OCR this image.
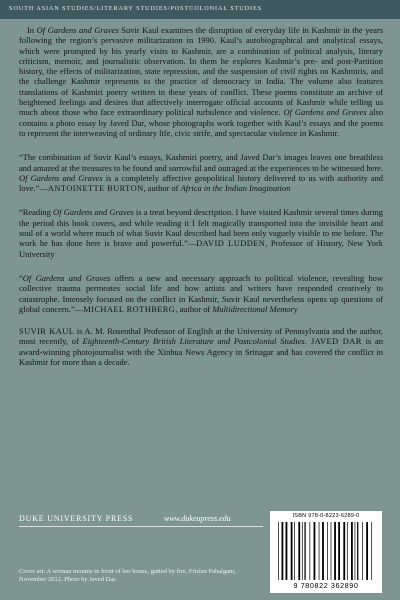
SOUTH ASIAN STUDIES/LITERARY STUDIES/POSTCOLONIAL STUDIES

In Of Gardens and Graves Suvir Kaul examines the disruption of everyday life in Kashmir in the years following the region’s pervasive militarization in 1990. Kaul’s autobiographical and analytical essays, which were prompted by his yearly visits to Kashmir, are a combination of political analysis, literary criticism, memoir, and journalistic observation. In them he explores Kashmir’s pre- and post-Partition history, the effects of militarization, state repression, and the suspension of civil rights on Kashmiris, and the challenge Kashmir represents to the practice of democracy in India. The volume also features translations of Kashmiri poetry written in these years of conflict. These poems constitute an archive of heightened feelings and desires that affectively interrogate official accounts of Kashmir while telling us much about those who face extraordinary political turbulence and violence. Of Gardens and Graves also contains a photo essay by Javed Dar, whose photographs work together with Kaul’s essays and the poems to represent the interweaving of ordinary life, civic strife, and spectacular violence in Kashmir.

“The combination of Suvir Kaul’s essays, Kashmiri poetry, and Javed Dar’s images leaves one breathless and amazed at the treasures to be found and sorrowful and outraged at the experiences to be witnessed here. Of Gardens and Graves is a completely affective geopolitical history delivered to us with authority and love.”—ANTOINETTE BURTON, author of Africa in the Indian Imagination

“Reading Of Gardens and Graves is a treat beyond description. I have visited Kashmir several times during the period this book covers, and while reading it I felt magically transported into the invisible heart and soul of a world where much of what Suvir Kaul described had been only vaguely visible to me before. The work he has done here is brave and powerful.”—DAVID LUDDEN, Professor of History, New York University

“Of Gardens and Graves offers a new and necessary approach to political violence, revealing how collective trauma permeates social life and how artists and writers have responded creatively to catastrophe. Intensely focused on the conflict in Kashmir, Suvir Kaul nevertheless opens up questions of global concern.”—MICHAEL ROTHBERG, author of Multidirectional Memory

SUVIR KAUL is A. M. Rosenthal Professor of English at the University of Pennsylvania and the author, most recently, of Eighteenth-Century British Literature and Postcolonial Studies. JAVED DAR is an award-winning photojournalist with the Xinhua News Agency in Srinagar and has covered the conflict in Kashmir for more than a decade.

DUKE UNIVERSITY PRESS	www.dukeupress.edu
Cover art: A woman mourns in front of her house, gutted by fire, Frislan Pahalgam, November 2012. Photo by Javed Dar.
ISBN 978-0-8223-6289-0
9 780822 362890
